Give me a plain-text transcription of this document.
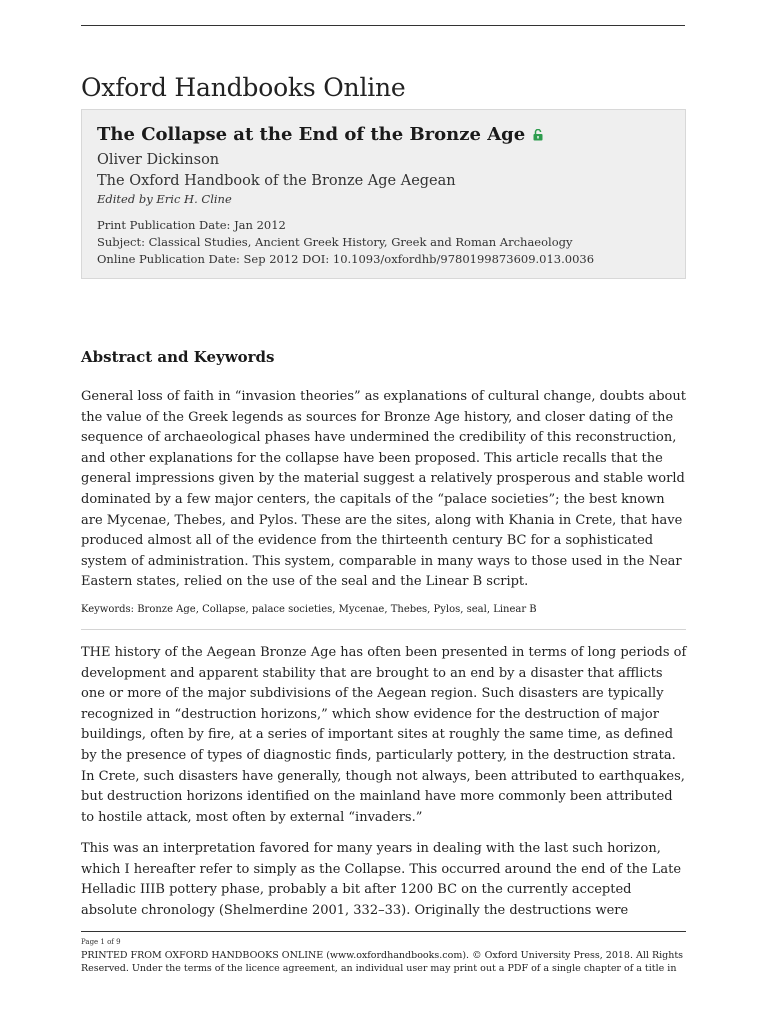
Oxford Handbooks Online
The Collapse at the End of the Bronze Age
Oliver Dickinson
The Oxford Handbook of the Bronze Age Aegean
Edited by Eric H. Cline
Print Publication Date: Jan 2012
Subject: Classical Studies, Ancient Greek History, Greek and Roman Archaeology
Online Publication Date: Sep 2012 DOI: 10.1093/oxfordhb/9780199873609.013.0036
Abstract and Keywords

General loss of faith in “invasion theories” as explanations of cultural change, doubts about the value of the Greek legends as sources for Bronze Age history, and closer dating of the sequence of archaeological phases have undermined the credibility of this reconstruction, and other explanations for the collapse have been proposed. This article recalls that the general impressions given by the material suggest a relatively prosperous and stable world dominated by a few major centers, the capitals of the “palace societies”; the best known are Mycenae, Thebes, and Pylos. These are the sites, along with Khania in Crete, that have produced almost all of the evidence from the thirteenth century BC for a sophisticated system of administration. This system, comparable in many ways to those used in the Near Eastern states, relied on the use of the seal and the Linear B script.

Keywords: Bronze Age, Collapse, palace societies, Mycenae, Thebes, Pylos, seal, Linear B

THE history of the Aegean Bronze Age has often been presented in terms of long periods of development and apparent stability that are brought to an end by a disaster that afflicts one or more of the major subdivisions of the Aegean region. Such disasters are typically recognized in “destruction horizons,” which show evidence for the destruction of major buildings, often by fire, at a series of important sites at roughly the same time, as defined by the presence of types of diagnostic finds, particularly pottery, in the destruction strata. In Crete, such disasters have generally, though not always, been attributed to earthquakes, but destruction horizons identified on the mainland have more commonly been attributed to hostile attack, most often by external “invaders.”

This was an interpretation favored for many years in dealing with the last such horizon, which I hereafter refer to simply as the Collapse. This occurred around the end of the Late Helladic IIIB pottery phase, probably a bit after 1200 BC on the currently accepted absolute chronology (Shelmerdine 2001, 332–33). Originally the destructions were

Page 1 of 9

PRINTED FROM OXFORD HANDBOOKS ONLINE (www.oxfordhandbooks.com). © Oxford University Press, 2018. All Rights Reserved. Under the terms of the licence agreement, an individual user may print out a PDF of a single chapter of a title in
